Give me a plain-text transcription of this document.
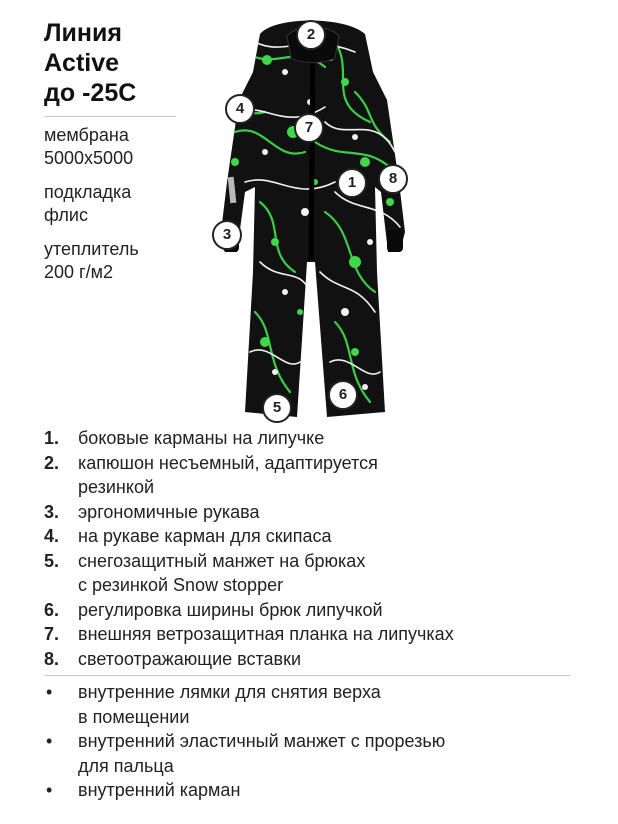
Линия
Active
до -25С
мембрана
5000x5000
подкладка
флис
утеплитель
200 г/м2
2
4
7
1	8
3
5
6
1.	боковые карманы на липучке
2.	капюшон несъемный, адаптируется
резинкой
3.	эргономичные рукава
4.	на рукаве карман для скипаса
5.	снегозащитный манжет на брюках
с резинкой Snow stopper
6.	регулировка ширины брюк липучкой
7.	внешняя ветрозащитная планка на липучках
8.	светоотражающие вставки
•	внутренние лямки для снятия верха
в помещении
•	внутренний эластичный манжет с прорезью
для пальца
•	внутренний карман
